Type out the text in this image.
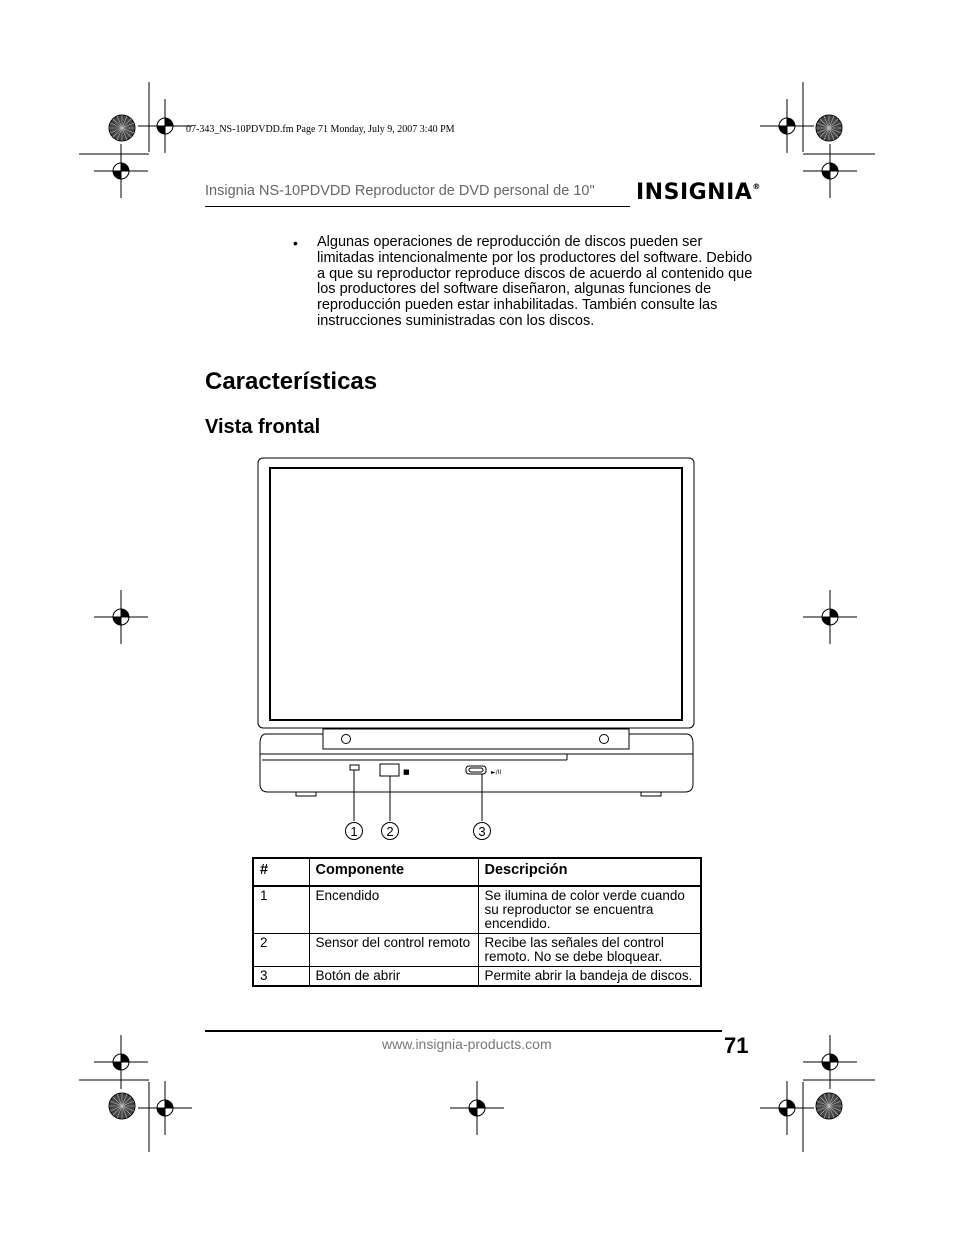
07-343_NS-10PDVDD.fm Page 71 Monday, July 9, 2007 3:40 PM
Insignia NS-10PDVDD Reproductor de DVD personal de 10" INSIGNIA®
• Algunas operaciones de reproducción de discos pueden ser limitadas intencionalmente por los productores del software. Debido a que su reproductor reproduce discos de acuerdo al contenido que los productores del software diseñaron, algunas funciones de reproducción pueden estar inhabilitadas. También consulte las instrucciones suministradas con los discos.
Características
Vista frontal
■	►/II
1 2	3
#	Componente	Descripción
1	Encendido	Se ilumina de color verde cuando su reproductor se encuentra encendido.
2	Sensor del control remoto	Recibe las señales del control remoto. No se debe bloquear.
3	Botón de abrir	Permite abrir la bandeja de discos.
www.insignia-products.com	71
